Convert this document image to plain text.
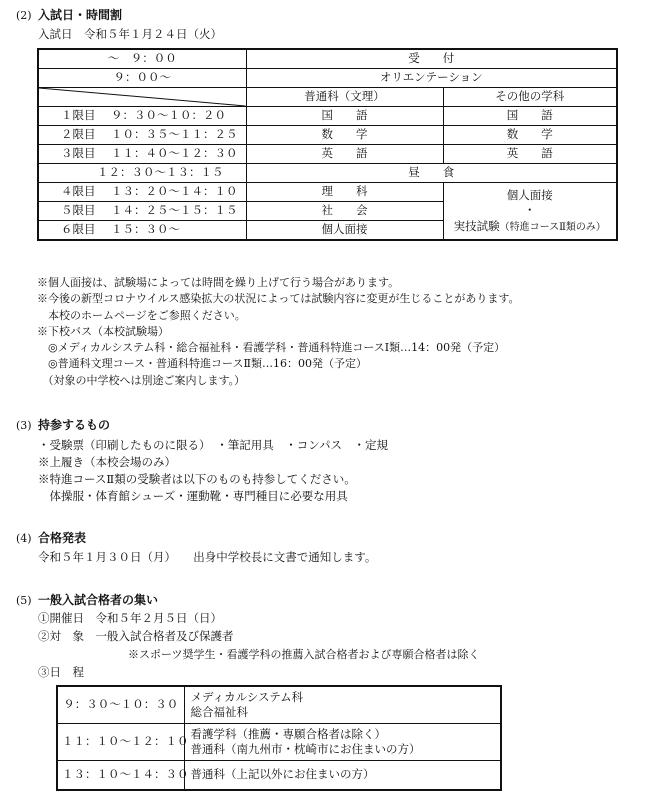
(2) 入試日・時間割
入試日　令和５年１月２４日（火）
～　９：００	受　　付	
９：００～	オリエンテーション	

	普通科（文理）	その他の学科
１限目 ９：３０～１０：２０	国　　語	国　　語
２限目 １０：３５～１１：２５	数　　学	数　　学
３限目 １１：４０～１２：３０	英　　語	英　　語
１２：３０～１３：１５	昼　　食	
４限目 １３：２０～１４：１０	理　　科	個人面接
・
実技試験（特進コースⅡ類のみ）

５限目 １４：２５～１５：１５	社　　会	
６限目 １５：３０～	個人面接	
※個人面接は、試験場によっては時間を繰り上げて行う場合があります。
※今後の新型コロナウイルス感染拡大の状況によっては試験内容に変更が生じることがあります。
　本校のホームページをご参照ください。
※下校バス（本校試験場）
　◎メディカルシステム科・総合福祉科・看護学科・普通科特進コースⅠ類…14：00発（予定）
　◎普通科文理コース・普通科特進コースⅡ類…16：00発（予定）
　（対象の中学校へは別途ご案内します。）
(3) 持参するもの
・受験票（印刷したものに限る）　・筆記用具　・コンパス　・定規
※上履き（本校会場のみ）
※特進コースⅡ類の受験者は以下のものも持参してください。
　体操服・体育館シューズ・運動靴・専門種目に必要な用具
(4) 合格発表
令和５年１月３０日（月）　　出身中学校長に文書で通知します。
(5) 一般入試合格者の集い
①開催日　令和５年２月５日（日）
②対　象　一般入試合格者及び保護者
※スポーツ奨学生・看護学科の推薦入試合格者および専願合格者は除く
③日　程
９：３０～１０：３０	メディカルシステム科
総合福祉科

１１：１０～１２：１０	看護学科（推薦・専願合格者は除く）
普通科（南九州市・枕崎市にお住まいの方）

１３：１０～１４：３０	普通科（上記以外にお住まいの方）
